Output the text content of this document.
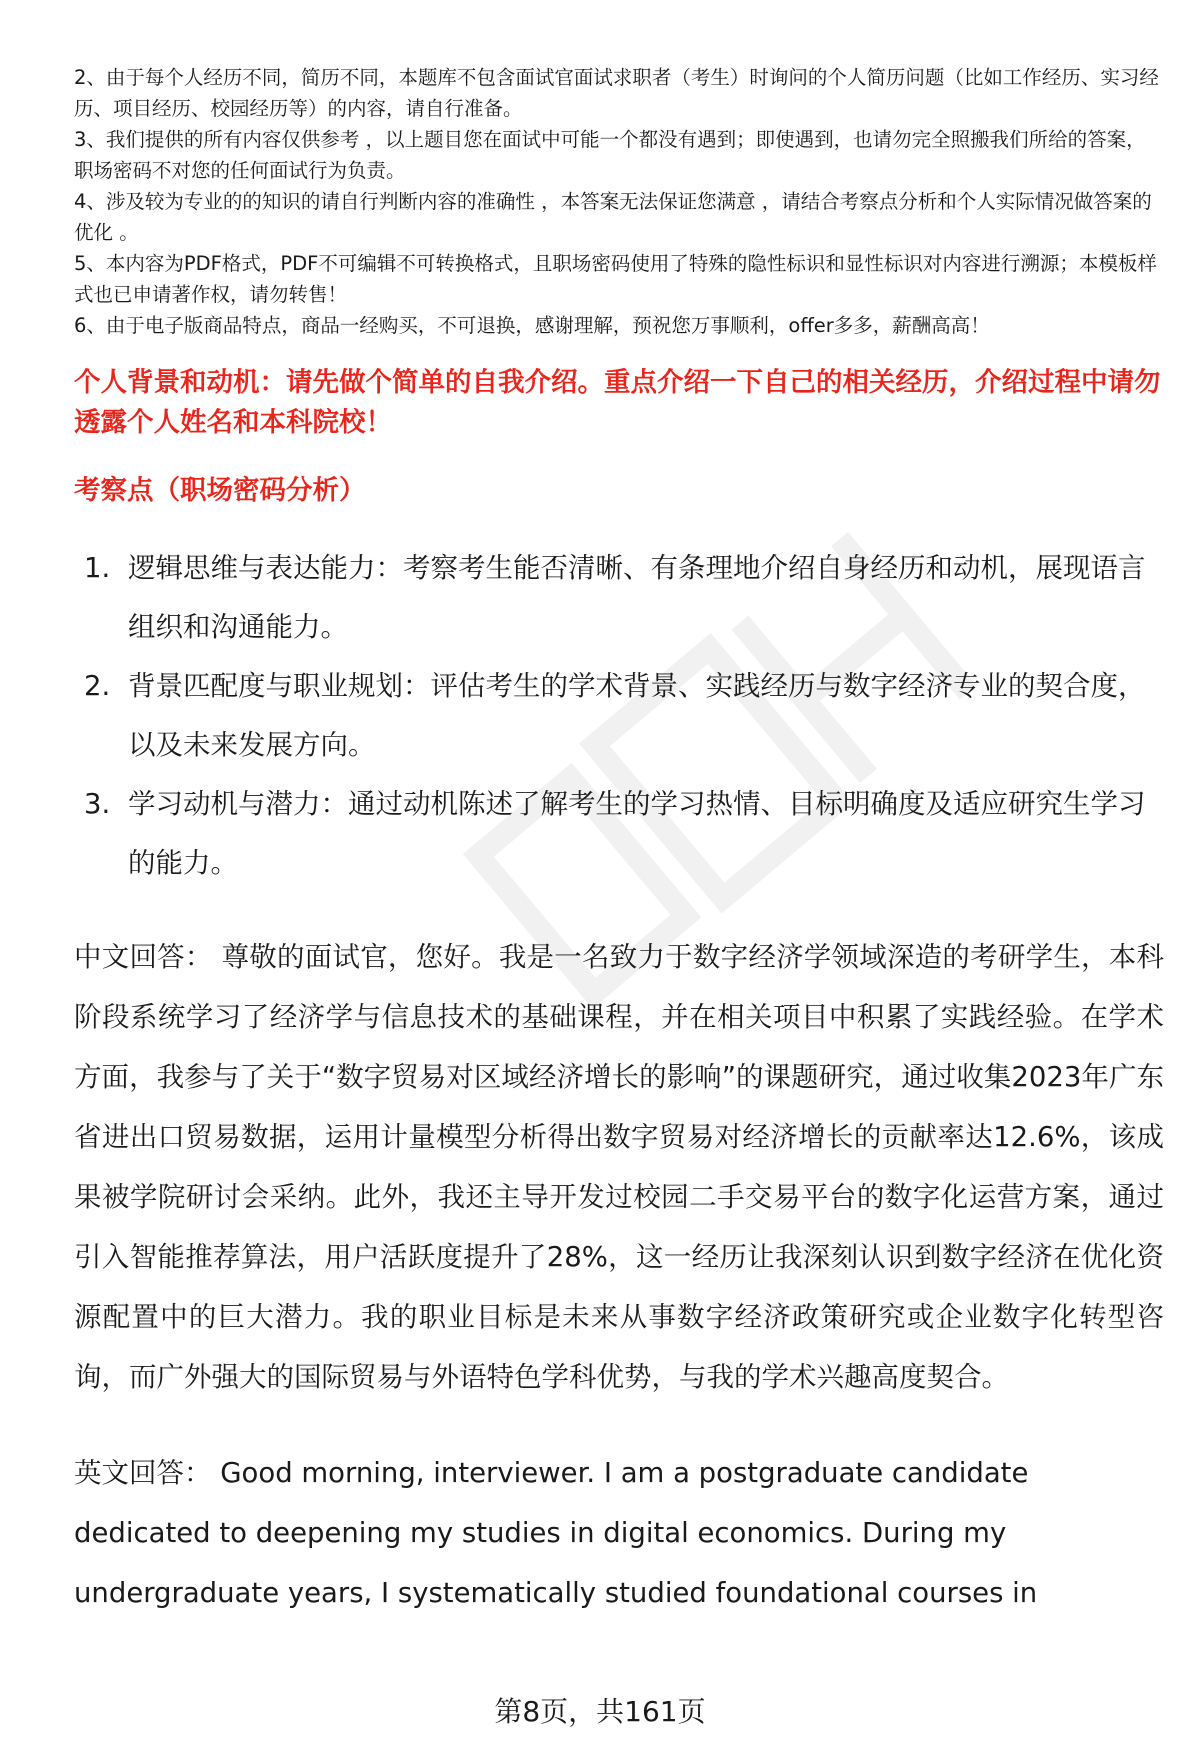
2、由于每个人经历不同，简历不同，本题库不包含面试官面试求职者（考生）时询问的个人简历问题（比如工作经历、实习经历、项目经历、校园经历等）的内容，请自行准备。
3、我们提供的所有内容仅供参考 ，以上题目您在面试中可能一个都没有遇到；即使遇到，也请勿完全照搬我们所给的答案，职场密码不对您的任何面试行为负责。
4、涉及较为专业的的知识的请自行判断内容的准确性 ，本答案无法保证您满意 ，请结合考察点分析和个人实际情况做答案的优化 。
5、本内容为PDF格式，PDF不可编辑不可转换格式，且职场密码使用了特殊的隐性标识和显性标识对内容进行溯源；本模板样式也已申请著作权，请勿转售！
6、由于电子版商品特点，商品一经购买，不可退换，感谢理解，预祝您万事顺利，offer多多，薪酬高高！
个人背景和动机：请先做个简单的自我介绍。重点介绍一下自己的相关经历，介绍过程中请勿透露个人姓名和本科院校！
考察点（职场密码分析）
1. 逻辑思维与表达能力：考察考生能否清晰、有条理地介绍自身经历和动机，展现语言组织和沟通能力。
2. 背景匹配度与职业规划：评估考生的学术背景、实践经历与数字经济专业的契合度，以及未来发展方向。
3. 学习动机与潜力：通过动机陈述了解考生的学习热情、目标明确度及适应研究生学习的能力。

中文回答： 尊敬的面试官，您好。我是一名致力于数字经济学领域深造的考研学生，本科阶段系统学习了经济学与信息技术的基础课程，并在相关项目中积累了实践经验。在学术方面，我参与了关于“数字贸易对区域经济增长的影响”的课题研究，通过收集2023年广东省进出口贸易数据，运用计量模型分析得出数字贸易对经济增长的贡献率达12.6%，该成果被学院研讨会采纳。此外，我还主导开发过校园二手交易平台的数字化运营方案，通过引入智能推荐算法，用户活跃度提升了28%，这一经历让我深刻认识到数字经济在优化资源配置中的巨大潜力。我的职业目标是未来从事数字经济政策研究或企业数字化转型咨询，而广外强大的国际贸易与外语特色学科优势，与我的学术兴趣高度契合。

英文回答： Good morning, interviewer. I am a postgraduate candidate dedicated to deepening my studies in digital economics. During my undergraduate years, I systematically studied foundational courses in

第8页，共161页
